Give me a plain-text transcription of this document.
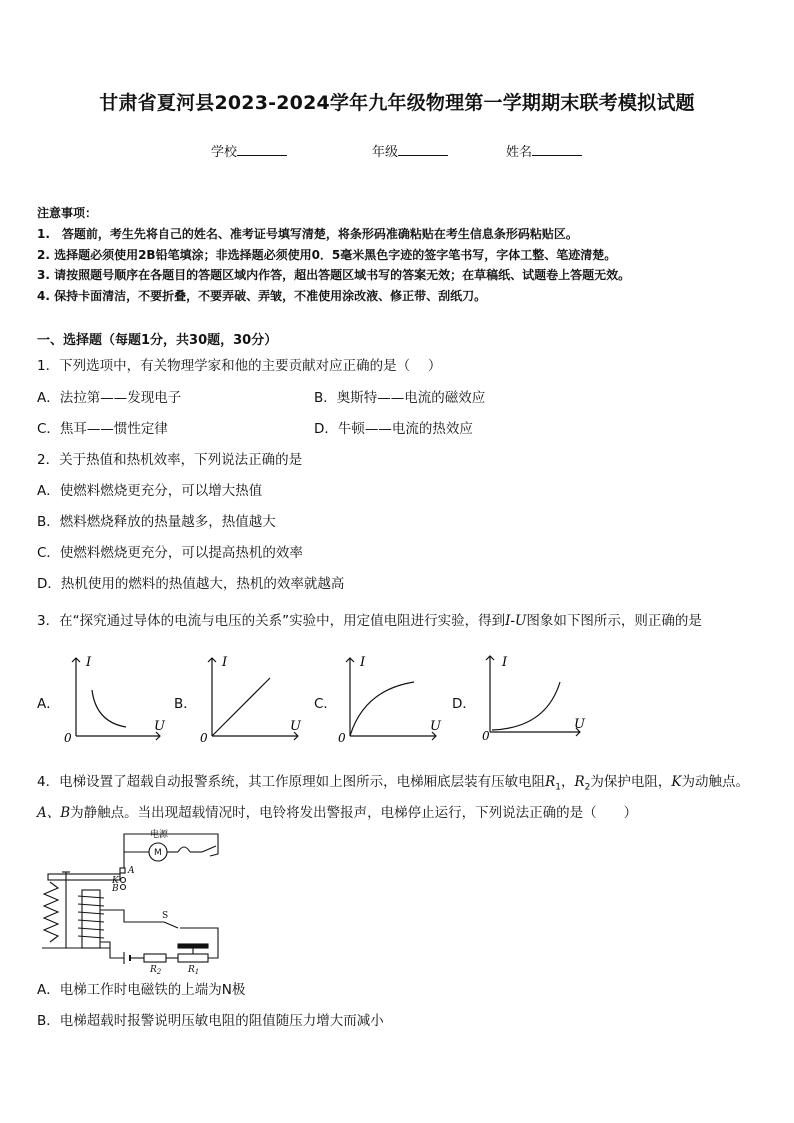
甘肃省夏河县2023-2024学年九年级物理第一学期期末联考模拟试题
学校	年级	姓名
注意事项：
1.　答题前，考生先将自己的姓名、准考证号填写清楚，将条形码准确粘贴在考生信息条形码粘贴区。
2. 选择题必须使用2B铅笔填涂；非选择题必须使用0．5毫米黑色字迹的签字笔书写，字体工整、笔迹清楚。
3. 请按照题号顺序在各题目的答题区域内作答，超出答题区域书写的答案无效；在草稿纸、试题卷上答题无效。
4. 保持卡面清洁，不要折叠，不要弄破、弄皱，不准使用涂改液、修正带、刮纸刀。
一、选择题（每题1分，共30题，30分）
1．下列选项中，有关物理学家和他的主要贡献对应正确的是（　 ）
A．法拉第——发现电子	B．奥斯特——电流的磁效应
C．焦耳——惯性定律	D．牛顿——电流的热效应
2．关于热值和热机效率，下列说法正确的是
A．使燃料燃烧更充分，可以增大热值
B．燃料燃烧释放的热量越多，热值越大
C．使燃料燃烧更充分，可以提高热机的效率
D．热机使用的燃料的热值越大，热机的效率就越高
3．在“探究通过导体的电流与电压的关系”实验中，用定值电阻进行实验，得到I-U图象如下图所示，则正确的是
A．	B．	C．	D．
I
U
0
I
U
0
I
U
0
I
U
0
4．电梯设置了超载自动报警系统，其工作原理如上图所示，电梯厢底层装有压敏电阻$R_1$，$R_2$为保护电阻，K为动触点。
A、B为静触点。当出现超载情况时，电铃将发出警报声，电梯停止运行，下列说法正确的是（　　）
电源
M
A
K
B
S
$R_2$	$R_1$
A．电梯工作时电磁铁的上端为N极
B．电梯超载时报警说明压敏电阻的阻值随压力增大而减小
